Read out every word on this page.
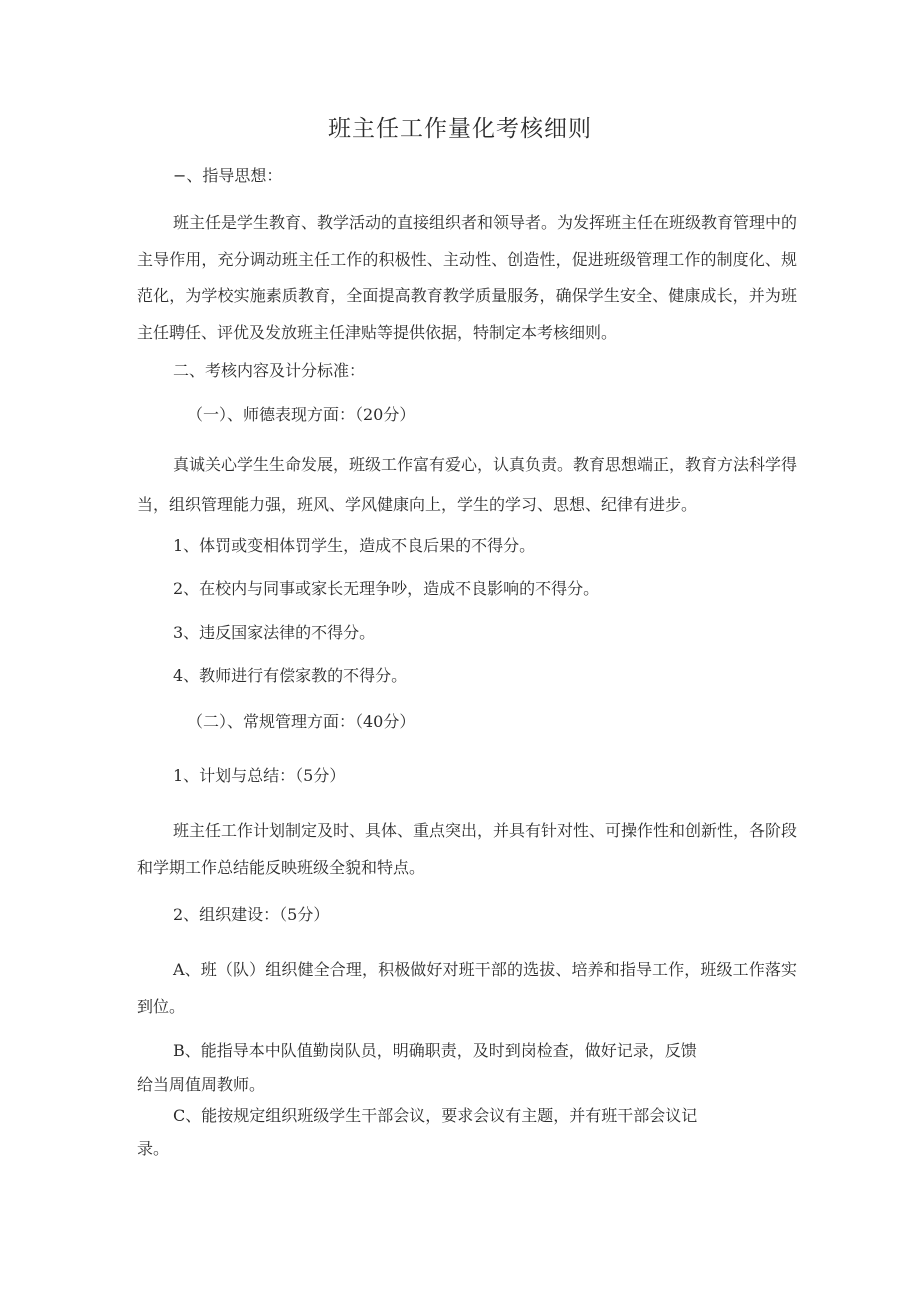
班主任工作量化考核细则

−、指导思想：

班主任是学生教育、教学活动的直接组织者和领导者。为发挥班主任在班级教育管理中的主导作用，充分调动班主任工作的积极性、主动性、创造性，促进班级管理工作的制度化、规范化，为学校实施素质教育，全面提高教育教学质量服务，确保学生安全、健康成长，并为班主任聘任、评优及发放班主任津贴等提供依据，特制定本考核细则。

二、考核内容及计分标准：

（一）、师德表现方面：（20分）

真诚关心学生生命发展，班级工作富有爱心，认真负责。教育思想端正，教育方法科学得当，组织管理能力强，班风、学风健康向上，学生的学习、思想、纪律有进步。

1、体罚或变相体罚学生，造成不良后果的不得分。

2、在校内与同事或家长无理争吵，造成不良影响的不得分。

3、违反国家法律的不得分。

4、教师进行有偿家教的不得分。

（二）、常规管理方面：（40分）

1、计划与总结：（5分）

班主任工作计划制定及时、具体、重点突出，并具有针对性、可操作性和创新性，各阶段和学期工作总结能反映班级全貌和特点。

2、组织建设：（5分）

A、班（队）组织健全合理，积极做好对班干部的选拔、培养和指导工作，班级工作落实到位。

B、能指导本中队值勤岗队员，明确职责，及时到岗检查，做好记录，反馈

给当周值周教师。

C、能按规定组织班级学生干部会议，要求会议有主题，并有班干部会议记

录。
